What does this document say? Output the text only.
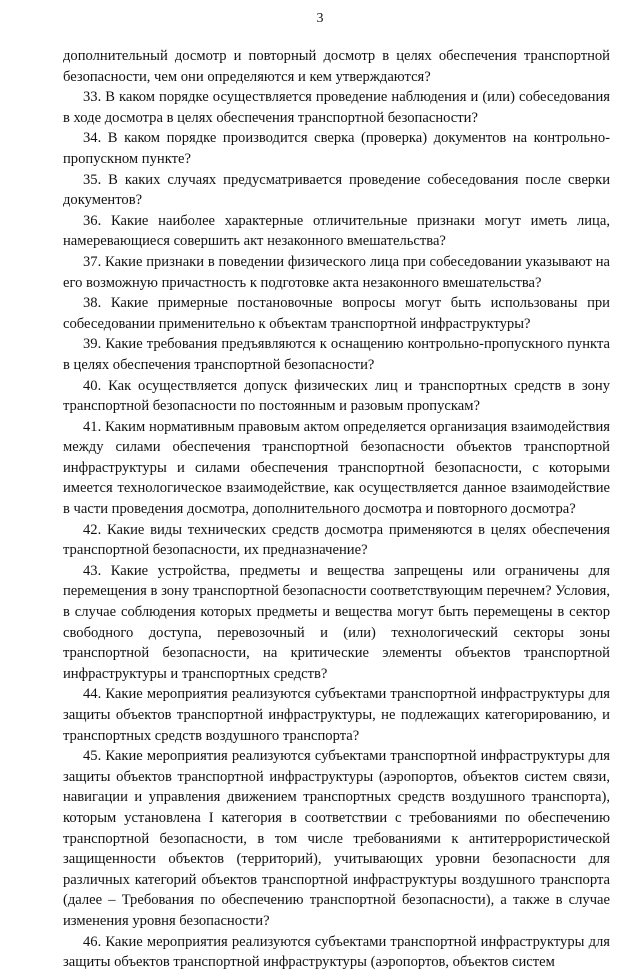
3

дополнительный досмотр и повторный досмотр в целях обеспечения транспортной безопасности, чем они определяются и кем утверждаются?

33. В каком порядке осуществляется проведение наблюдения и (или) собеседования в ходе досмотра в целях обеспечения транспортной безопасности?

34. В каком порядке производится сверка (проверка) документов на контрольно-пропускном пункте?

35. В каких случаях предусматривается проведение собеседования после сверки документов?

36. Какие наиболее характерные отличительные признаки могут иметь лица, намеревающиеся совершить акт незаконного вмешательства?

37. Какие признаки в поведении физического лица при собеседовании указывают на его возможную причастность к подготовке акта незаконного вмешательства?

38. Какие примерные постановочные вопросы могут быть использованы при собеседовании применительно к объектам транспортной инфраструктуры?

39. Какие требования предъявляются к оснащению контрольно-пропускного пункта в целях обеспечения транспортной безопасности?

40. Как осуществляется допуск физических лиц и транспортных средств в зону транспортной безопасности по постоянным и разовым пропускам?

41. Каким нормативным правовым актом определяется организация взаимодействия между силами обеспечения транспортной безопасности объектов транспортной инфраструктуры и силами обеспечения транспортной безопасности, с которыми имеется технологическое взаимодействие, как осуществляется данное взаимодействие в части проведения досмотра, дополнительного досмотра и повторного досмотра?

42. Какие виды технических средств досмотра применяются в целях обеспечения транспортной безопасности, их предназначение?

43. Какие устройства, предметы и вещества запрещены или ограничены для перемещения в зону транспортной безопасности соответствующим перечнем? Условия, в случае соблюдения которых предметы и вещества могут быть перемещены в сектор свободного доступа, перевозочный и (или) технологический секторы зоны транспортной безопасности, на критические элементы объектов транспортной инфраструктуры и транспортных средств?

44. Какие мероприятия реализуются субъектами транспортной инфраструктуры для защиты объектов транспортной инфраструктуры, не подлежащих категорированию, и транспортных средств воздушного транспорта?

45. Какие мероприятия реализуются субъектами транспортной инфраструктуры для защиты объектов транспортной инфраструктуры (аэропортов, объектов систем связи, навигации и управления движением транспортных средств воздушного транспорта), которым установлена I категория в соответствии с требованиями по обеспечению транспортной безопасности, в том числе требованиями к антитеррористической защищенности объектов (территорий), учитывающих уровни безопасности для различных категорий объектов транспортной инфраструктуры воздушного транспорта (далее – Требования по обеспечению транспортной безопасности), а также в случае изменения уровня безопасности?

46. Какие мероприятия реализуются субъектами транспортной инфраструктуры для защиты объектов транспортной инфраструктуры (аэропортов, объектов систем
